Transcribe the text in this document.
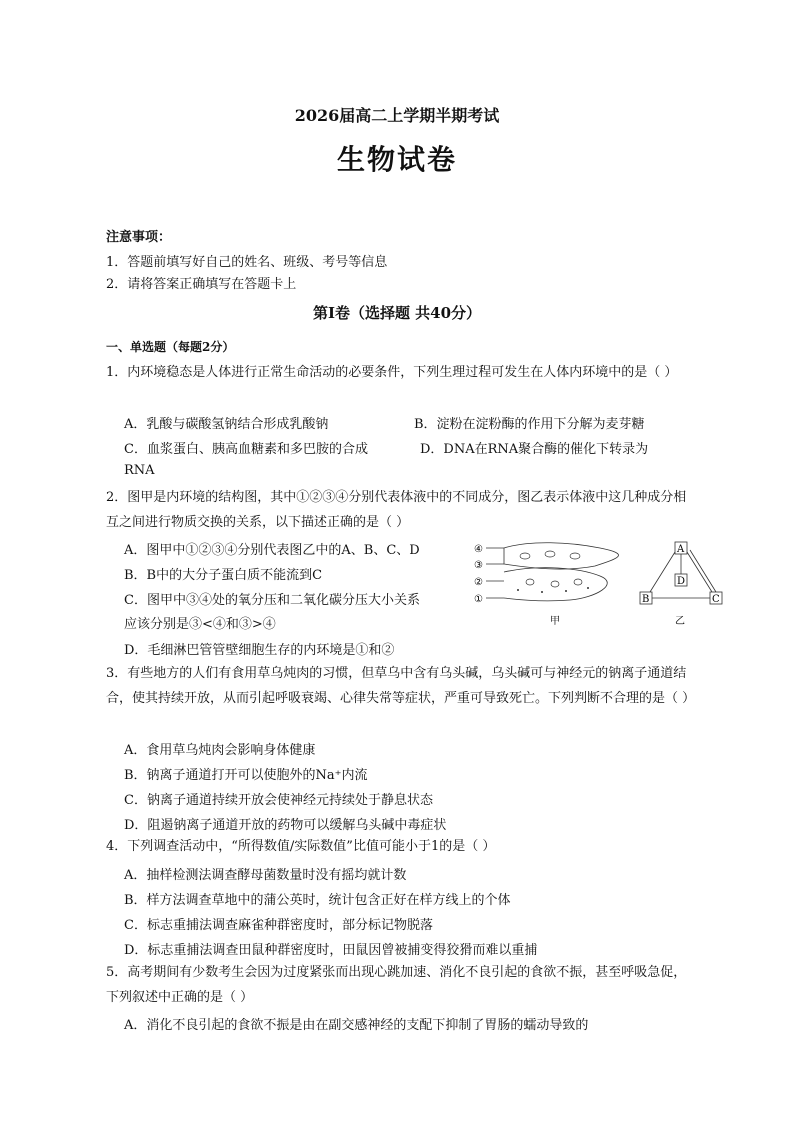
2026届高二上学期半期考试
生物试卷
注意事项：
1．答题前填写好自己的姓名、班级、考号等信息
2．请将答案正确填写在答题卡上
第Ⅰ卷（选择题 共40分）
一、单选题（每题2分）
1．内环境稳态是人体进行正常生命活动的必要条件，下列生理过程可发生在人体内环境中的是（ ）
A．乳酸与碳酸氢钠结合形成乳酸钠	B．淀粉在淀粉酶的作用下分解为麦芽糖
C．血浆蛋白、胰高血糖素和多巴胺的合成	D．DNA在RNA聚合酶的催化下转录为
RNA
2．图甲是内环境的结构图，其中①②③④分别代表体液中的不同成分，图乙表示体液中这几种成分相互之间进行物质交换的关系，以下描述正确的是（ ）
A．图甲中①②③④分别代表图乙中的A、B、C、D
B．B中的大分子蛋白质不能流到C
C．图甲中③④处的氧分压和二氧化碳分压大小关系
应该分别是③<④和③>④
D．毛细淋巴管管壁细胞生存的内环境是①和②
④
③
②
①
甲
A
D
B	C
乙
3．有些地方的人们有食用草乌炖肉的习惯，但草乌中含有乌头碱，乌头碱可与神经元的钠离子通道结合，使其持续开放，从而引起呼吸衰竭、心律失常等症状，严重可导致死亡。下列判断不合理的是（ ）
A．食用草乌炖肉会影响身体健康
B．钠离子通道打开可以使胞外的Na⁺内流
C．钠离子通道持续开放会使神经元持续处于静息状态
D．阻遏钠离子通道开放的药物可以缓解乌头碱中毒症状
4．下列调查活动中，“所得数值/实际数值”比值可能小于1的是（ ）
A．抽样检测法调查酵母菌数量时没有摇均就计数
B．样方法调查草地中的蒲公英时，统计包含正好在样方线上的个体
C．标志重捕法调查麻雀种群密度时，部分标记物脱落
D．标志重捕法调查田鼠种群密度时，田鼠因曾被捕变得狡猾而难以重捕
5．高考期间有少数考生会因为过度紧张而出现心跳加速、消化不良引起的食欲不振，甚至呼吸急促，下列叙述中正确的是（ ）
A．消化不良引起的食欲不振是由在副交感神经的支配下抑制了胃肠的蠕动导致的
